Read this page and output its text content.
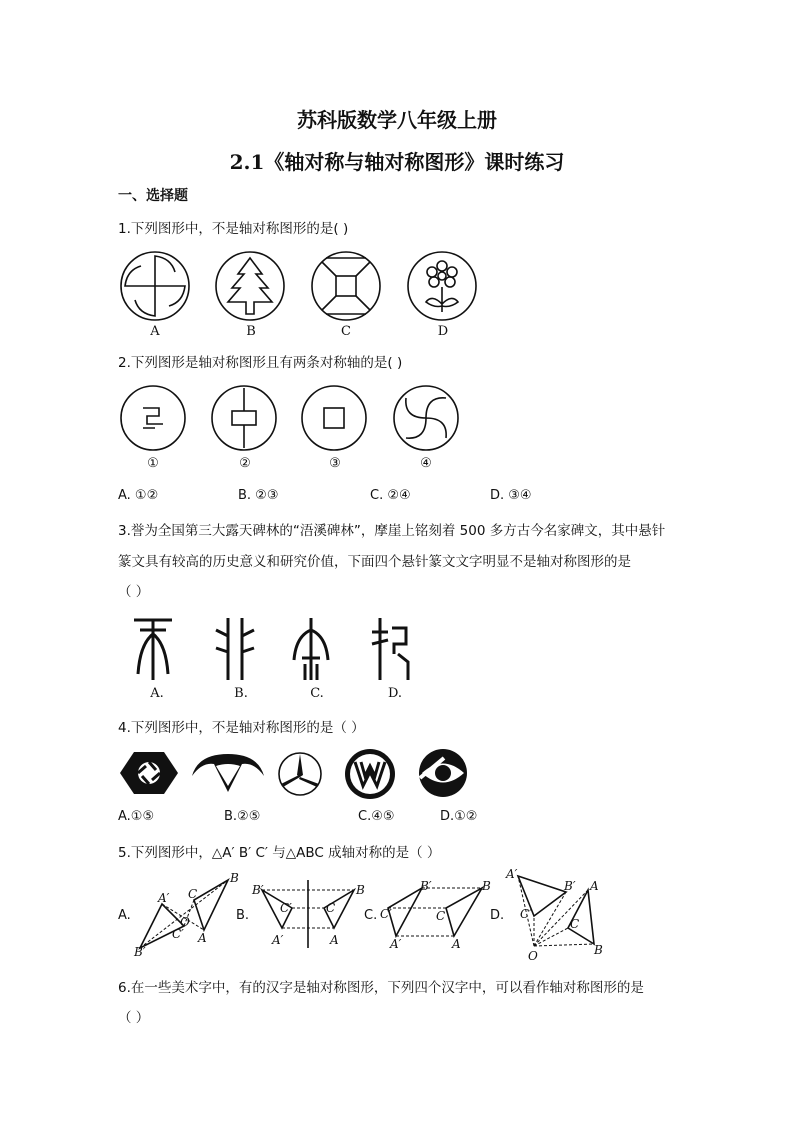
苏科版数学八年级上册
2.1《轴对称与轴对称图形》课时练习
一、选择题
1.下列图形中，不是轴对称图形的是( )
A	B	C	D
2.下列图形是轴对称图形且有两条对称轴的是( )
①	②	③	④
A. ①②	B. ②③	C. ②④	D. ③④
3.誉为全国第三大露天碑林的“浯溪碑林”，摩崖上铭刻着 500 多方古今名家碑文，其中悬针
篆文具有较高的历史意义和研究价值，下面四个悬针篆文文字明显不是轴对称图形的是
（ ）
A.	B.	C.	D.
4.下列图形中，不是轴对称图形的是（ ）
A.①⑤	B.②⑤	C.④⑤	D.①②
5.下列图形中，△A′ B′ C′ 与△ABC 成轴对称的是（ ）
A.
A′
B′
C′
B
A
C
O	B.
B′
C′
A′
B
C
A
C.
B′
C′
A′
B
C
A
D.
A′
B′
C′
A
B
C
O
6.在一些美术字中，有的汉字是轴对称图形，下列四个汉字中，可以看作轴对称图形的是
（ ）
